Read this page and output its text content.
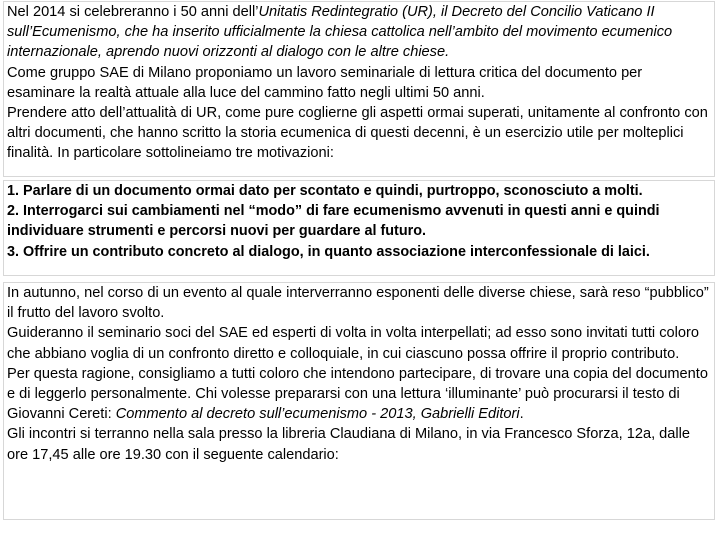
Nel 2014 si celebreranno i 50 anni dell’Unitatis Redintegratio (UR), il Decreto del Concilio Vaticano II sull’Ecumenismo, che ha inserito ufficialmente la chiesa cattolica nell’ambito del movimento ecumenico internazionale, aprendo nuovi orizzonti al dialogo con le altre chiese.

Come gruppo SAE di Milano proponiamo un lavoro seminariale di lettura critica del documento per esaminare la realtà attuale alla luce del cammino fatto negli ultimi 50 anni.

Prendere atto dell’attualità di UR, come pure coglierne gli aspetti ormai superati, unitamente al confronto con altri documenti, che hanno scritto la storia ecumenica di questi decenni, è un esercizio utile per molteplici finalità. In particolare sottolineiamo tre motivazioni:

1. Parlare di un documento ormai dato per scontato e quindi, purtroppo, sconosciuto a molti.

2. Interrogarci sui cambiamenti nel “modo” di fare ecumenismo avvenuti in questi anni e quindi individuare strumenti e percorsi nuovi per guardare al futuro.

3. Offrire un contributo concreto al dialogo, in quanto associazione interconfessionale di laici.

In autunno, nel corso di un evento al quale interverranno esponenti delle diverse chiese, sarà reso “pubblico” il frutto del lavoro svolto.

Guideranno il seminario soci del SAE ed esperti di volta in volta interpellati; ad esso sono invitati tutti coloro che abbiano voglia di un confronto diretto e colloquiale, in cui ciascuno possa offrire il proprio contributo.

Per questa ragione, consigliamo a tutti coloro che intendono partecipare, di trovare una copia del documento e di leggerlo personalmente. Chi volesse prepararsi con una lettura ‘illuminante’ può procurarsi il testo di Giovanni Cereti: Commento al decreto sull’ecumenismo - 2013, Gabrielli Editori.

Gli incontri si terranno nella sala presso la libreria Claudiana di Milano, in via Francesco Sforza, 12a, dalle ore 17,45 alle ore 19.30 con il seguente calendario:
